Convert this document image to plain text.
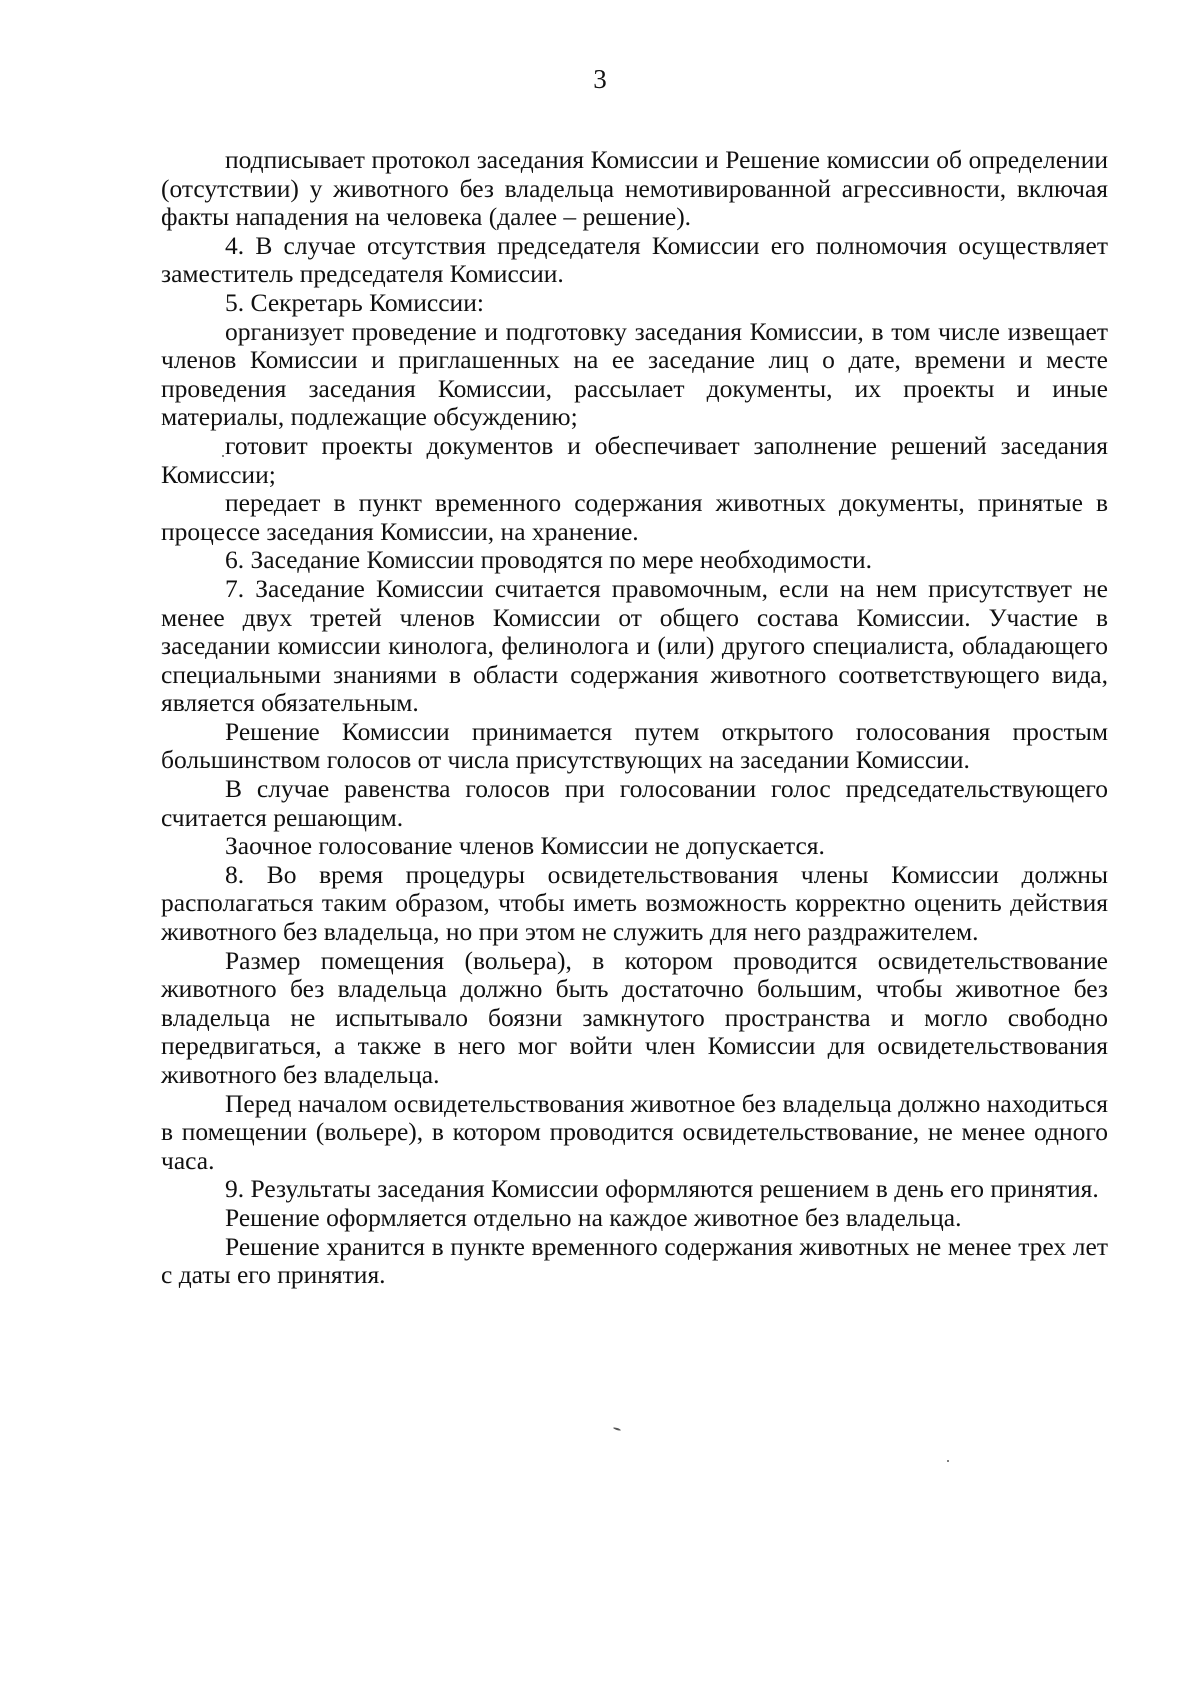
3

подписывает протокол заседания Комиссии и Решение комиссии об определении (отсутствии) у животного без владельца немотивированной агрессивности, включая факты нападения на человека (далее – решение).

4. В случае отсутствия председателя Комиссии его полномочия осуществляет заместитель председателя Комиссии.

5. Секретарь Комиссии:

организует проведение и подготовку заседания Комиссии, в том числе извещает членов Комиссии и приглашенных на ее заседание лиц о дате, времени и месте проведения заседания Комиссии, рассылает документы, их проекты и иные материалы, подлежащие обсуждению;

готовит проекты документов и обеспечивает заполнение решений заседания Комиссии;

передает в пункт временного содержания животных документы, принятые в процессе заседания Комиссии, на хранение.

6. Заседание Комиссии проводятся по мере необходимости.

7. Заседание Комиссии считается правомочным, если на нем присутствует не менее двух третей членов Комиссии от общего состава Комиссии. Участие в заседании комиссии кинолога, фелинолога и (или) другого специалиста, обладающего специальными знаниями в области содержания животного соответствующего вида, является обязательным.

Решение Комиссии принимается путем открытого голосования простым большинством голосов от числа присутствующих на заседании Комиссии.

В случае равенства голосов при голосовании голос председательствующего считается решающим.

Заочное голосование членов Комиссии не допускается.

8. Во время процедуры освидетельствования члены Комиссии должны располагаться таким образом, чтобы иметь возможность корректно оценить действия животного без владельца, но при этом не служить для него раздражителем.

Размер помещения (вольера), в котором проводится освидетельствование животного без владельца должно быть достаточно большим, чтобы животное без владельца не испытывало боязни замкнутого пространства и могло свободно передвигаться, а также в него мог войти член Комиссии для освидетельствования животного без владельца.

Перед началом освидетельствования животное без владельца должно находиться в помещении (вольере), в котором проводится освидетельствование, не менее одного часа.

9. Результаты заседания Комиссии оформляются решением в день его принятия.

Решение оформляется отдельно на каждое животное без владельца.

Решение хранится в пункте временного содержания животных не менее трех лет с даты его принятия.
